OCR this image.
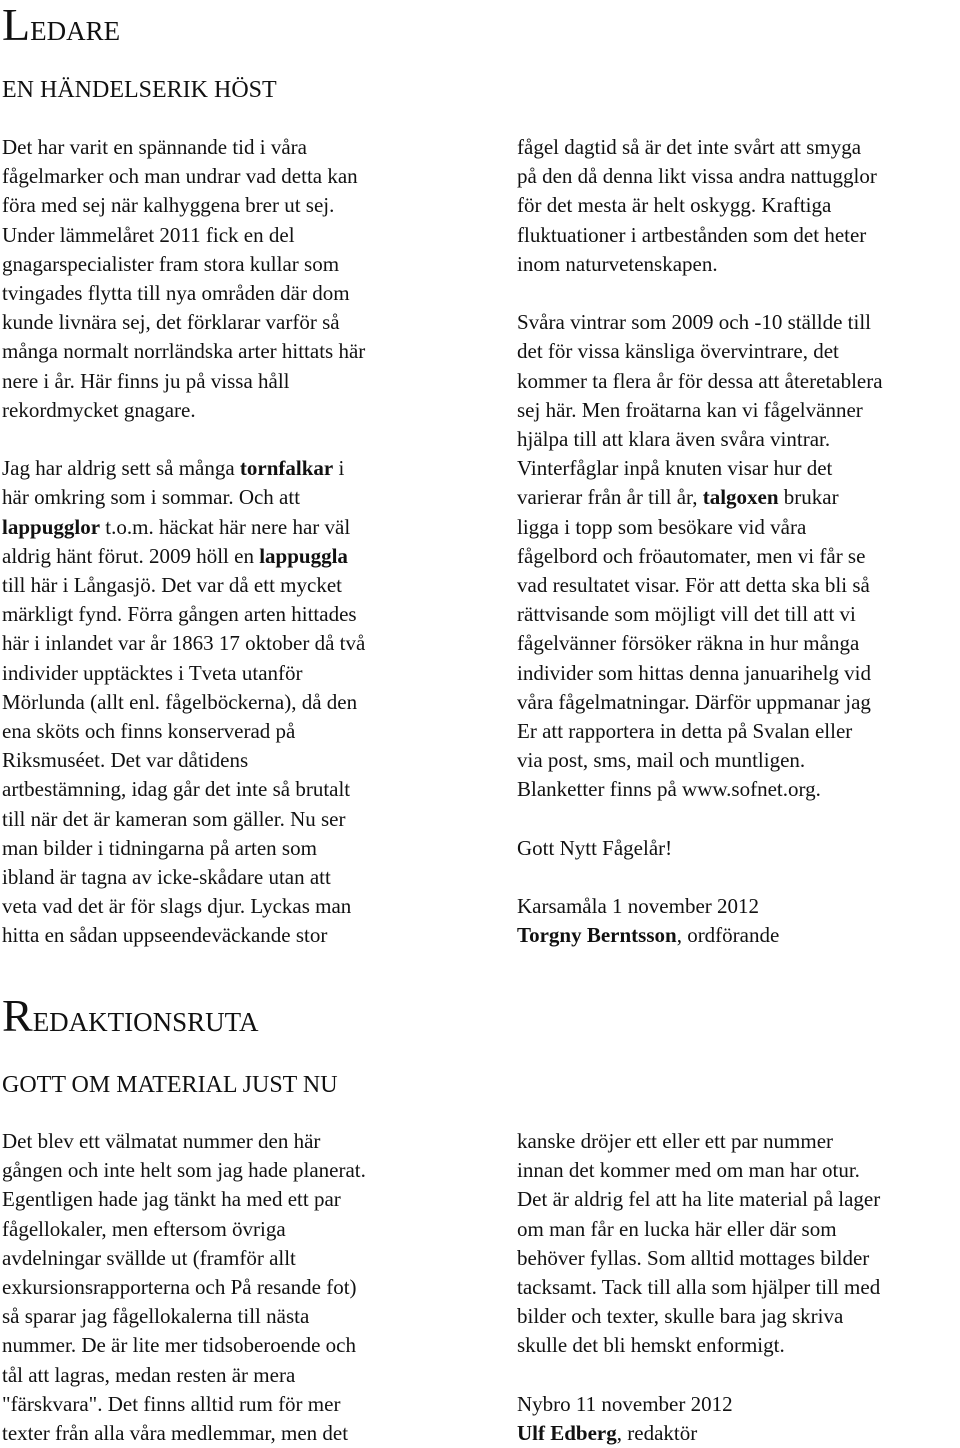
LEDARE
EN HÄNDELSERIK HÖST

Det har varit en spännande tid i våra
fågelmarker och man undrar vad detta kan
föra med sej när kalhyggena brer ut sej.
Under lämmelåret 2011 fick en del
gnagarspecialister fram stora kullar som
tvingades flytta till nya områden där dom
kunde livnära sej, det förklarar varför så
många normalt norrländska arter hittats här
nere i år. Här finns ju på vissa håll
rekordmycket gnagare.

Jag har aldrig sett så många tornfalkar i
här omkring som i sommar. Och att
lappugglor t.o.m. häckat här nere har väl
aldrig hänt förut. 2009 höll en lappuggla
till här i Långasjö. Det var då ett mycket
märkligt fynd. Förra gången arten hittades
här i inlandet var år 1863 17 oktober då två
individer upptäcktes i Tveta utanför
Mörlunda (allt enl. fågelböckerna), då den
ena sköts och finns konserverad på
Riksmuséet. Det var dåtidens
artbestämning, idag går det inte så brutalt
till när det är kameran som gäller. Nu ser
man bilder i tidningarna på arten som
ibland är tagna av icke-skådare utan att
veta vad det är för slags djur. Lyckas man
hitta en sådan uppseendeväckande stor

fågel dagtid så är det inte svårt att smyga
på den då denna likt vissa andra nattugglor
för det mesta är helt oskygg. Kraftiga
fluktuationer i artbestånden som det heter
inom naturvetenskapen.

Svåra vintrar som 2009 och -10 ställde till
det för vissa känsliga övervintrare, det
kommer ta flera år för dessa att återetablera
sej här. Men froätarna kan vi fågelvänner
hjälpa till att klara även svåra vintrar.
Vinterfåglar inpå knuten visar hur det
varierar från år till år, talgoxen brukar
ligga i topp som besökare vid våra
fågelbord och fröautomater, men vi får se
vad resultatet visar. För att detta ska bli så
rättvisande som möjligt vill det till att vi
fågelvänner försöker räkna in hur många
individer som hittas denna januarihelg vid
våra fågelmatningar. Därför uppmanar jag
Er att rapportera in detta på Svalan eller
via post, sms, mail och muntligen.
Blanketter finns på www.sofnet.org.

Gott Nytt Fågelår!

Karsamåla 1 november 2012

Torgny Berntsson, ordförande

REDAKTIONSRUTA
GOTT OM MATERIAL JUST NU

Det blev ett välmatat nummer den här
gången och inte helt som jag hade planerat.
Egentligen hade jag tänkt ha med ett par
fågellokaler, men eftersom övriga
avdelningar svällde ut (framför allt
exkursionsrapporterna och På resande fot)
så sparar jag fågellokalerna till nästa
nummer. De är lite mer tidsoberoende och
tål att lagras, medan resten är mera
"färskvara". Det finns alltid rum för mer
texter från alla våra medlemmar, men det

kanske dröjer ett eller ett par nummer
innan det kommer med om man har otur.
Det är aldrig fel att ha lite material på lager
om man får en lucka här eller där som
behöver fyllas. Som alltid mottages bilder
tacksamt. Tack till alla som hjälper till med
bilder och texter, skulle bara jag skriva
skulle det bli hemskt enformigt.

Nybro 11 november 2012

Ulf Edberg, redaktör
